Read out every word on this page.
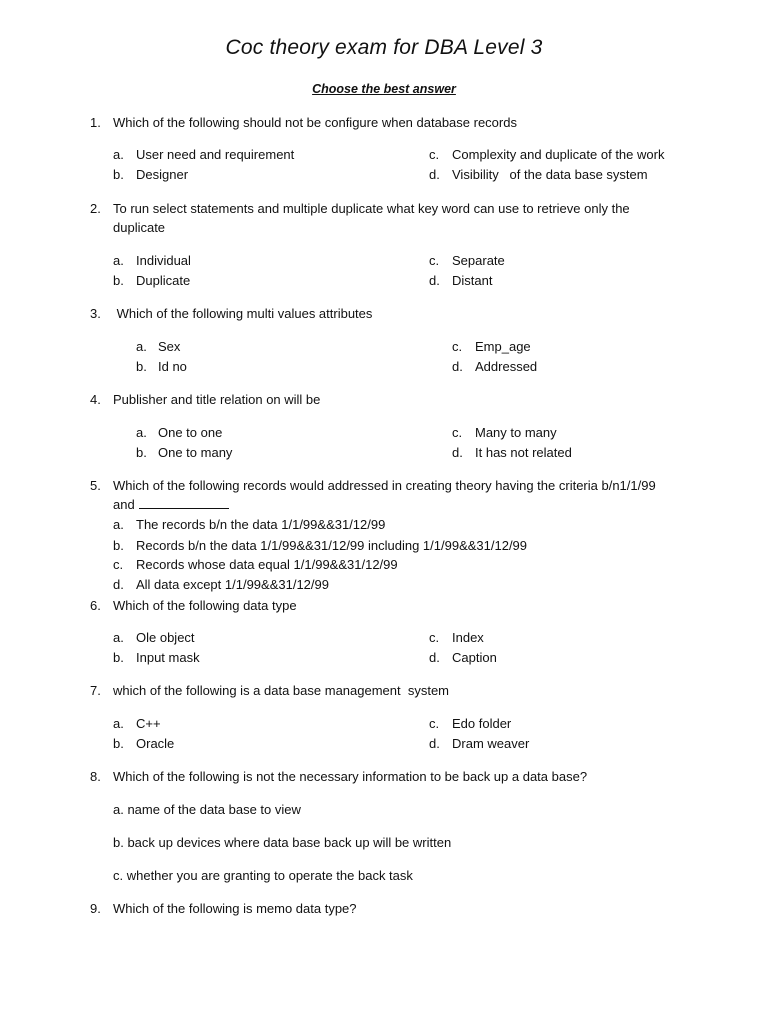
Coc theory exam for DBA Level 3
Choose the best answer
1. Which of the following should not be configure when database records
a. User need and requirement
b. Designer
c. Complexity and duplicate of the work
d. Visibility   of the data base system
2. To run select statements and multiple duplicate what key word can use to retrieve only the
duplicate
a. Individual
b. Duplicate
c. Separate
d. Distant
3. Which of the following multi values attributes
a. Sex
b. Id no
c. Emp_age
d. Addressed
4. Publisher and title relation on will be
a. One to one
b. One to many
c. Many to many
d. It has not related
5. Which of the following records would addressed in creating theory having the criteria b/n1/1/99
and
a. The records b/n the data 1/1/99&&31/12/99
b. Records b/n the data 1/1/99&&31/12/99 including 1/1/99&&31/12/99
c. Records whose data equal 1/1/99&&31/12/99
d. All data except 1/1/99&&31/12/99
6. Which of the following data type
a. Ole object
b. Input mask
c. Index
d. Caption
7. which of the following is a data base management  system
a. C++
b. Oracle
c. Edo folder
d. Dram weaver
8. Which of the following is not the necessary information to be back up a data base?
a. name of the data base to view
b. back up devices where data base back up will be written
c. whether you are granting to operate the back task
9. Which of the following is memo data type?
